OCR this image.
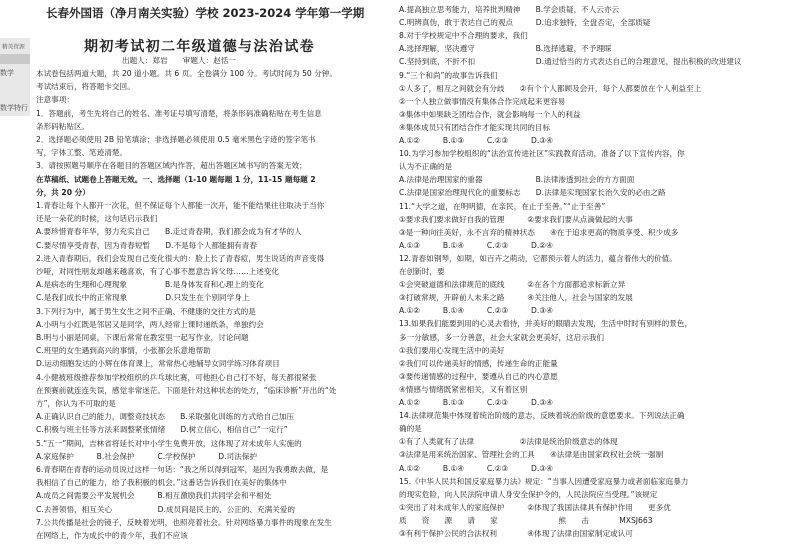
精英资源
数学
数学特行
长春外国语（净月南关实验）学校 2023-2024 学年第一学期
期初考试初二年级道德与法治试卷
出题人：郑岩　　审题人：赵恬一
本试卷包括两道大题，共 20 道小题。共 6 页。全卷满分 100 分。考试时间为 50 分钟。
考试结束后，将答题卡交回。
注意事项：
1．答题前，考生先将自己的姓名、准考证号填写清楚，将条形码准确粘贴在考生信息
条形码粘贴区。
2．选择题必须使用 2B 铅笔填涂；非选择题必须使用 0.5 毫米黑色字迹的签字笔书
写，字体工整、笔迹清楚。
3．请按照题号顺序在各题目的答题区域内作答，超出答题区域书写的答案无效；
在草稿纸、试题卷上答题无效。一、选择题（1-10 题每题 1 分，11-15 题每题 2
分，共 20 分）
1.青春让每个人都开一次花，但不保证每个人都能一次开，能不能结果往往取决于当你
还是一朵花的时候，这句话启示我们
A.要珍惜青春年华，努力充实自己　　B.走过青春期，我们都会成为有才华的人
C.要尽情享受青春，因为青春短暂　　D.不是每个人都能拥有青春
2.进入青春期后，我们会发现自己变化很大的：脸上长了青春痘，男生说话的声音变得
沙哑，对同性朋友却越来越喜欢，有了心事不愿意告诉父母……上述变化
A.是病态的生理和心理现象　　　　　B.是身体发育和心理上的变化
C.是我们成长中的正常现象　　　　　D.只发生在个别同学身上
3.下列行为中，属于男生女生之间不正确、不健康的交往方式的是
A.小明与小红既是邻居又是同学，两人经常上课时递纸条，单独约会
B.明与小丽是同桌，下课后常常在教室里一起写作业，讨论问题
C.班里的女生遇到高兴的事情，小张都会乐意地帮助
D.运动细胞发达的小辉在体育课上，常常热心地辅导女同学练习体育项目
4.小健被班级推荐参加学校组织的乒乓球比赛，可他担心自己打不好，每天都很紧张
在预赛前就连连失误，感觉非常迷茫。下面是针对这种状态的处方，“临床诊断”开出的“处
方”，你认为不可取的是
A.正确认识自己的能力，调整竞技状态　　B.采取强化训练的方式给自己加压
C.积极与班主任等方法来调整紧张情绪　　D.树立信心，相信自己“一定行”
5.“五一”期间，吉林省将延长对中小学生免费开放，这体现了对未成年人实施的
A.家庭保护　　　B.社会保护　　　C.学校保护　　　D.司法保护
6.青春期在青春的运动员说过这样一句话：“我之所以得到冠军，是因为我勇敢去做，是
我相信了自己的能力，给了我积极的机会。”这番话告诉我们在美好的集体中
A.成员之间需要公平发展机会　　　B.相互激励我们共同学会和平相处
C.去善领悟，相互关心　　　　　　D.成员间是民主的、公正的、充满关爱的
7.公共传播是社会的镜子，反映着光明，也照亮着社会。针对网络暴力事件的现象在发生
在网络上，作为成长中的青少年，我们不应该
A.提高独立思考能力，培养批判精神　　B.学会质疑，不人云亦云
C.明辨真伪，敢于表达自己的观点　　　D.追求独特，全盘否定，全部质疑
8.对于学校规定中不合理的要求，我们
A.选择理解，坚决遵守　　　　　　　　B.选择逃避，不予理睬
C.坚持到底，不折不扣　　　　　　　　D.通过恰当的方式表达自己的合理意见，提出积极的改进建议
9.“三个和尚”的故事告诉我们
①人多了，相互之间就会有分歧　　②有个个人都顾及会开，每个人都要放在个人利益至上
②一个人独立做事情没有集体合作完成起来更容易
③集体中如果缺乏团结合作，就会影响每一个人的利益
④集体成员只有团结合作才能实现共同的目标
A.①②　　　B.①③　　　C.②③　　　D.③④
10.为学习参加学校组织的“法治宣传进社区”实践教育活动，准备了以下宣传内容，你
认为不正确的是
A.法律是治理国家的重器　　　　　　　B.法律渗透到社会的方方面面
C.法律是国家治理现代化的重要标志　　D.法律是实现国家长治久安的必由之路
11.“大学之道，在明明德，在亲民，在止于至善。”“止于至善”
①要求我们要求做好自我的管理　　　②要求我们要从点滴做起的大事
③是一种向往美好，永不言弃的精神状态　　④在于追求更高的物质享受、积少成多
A.①③　　　B.①④　　　C.②③　　　D.②④
12.青春如钢琴，如期，如百卉之萌动，它都预示着人的活力，蕴含着伟大的价值。
在创新时，要
①会突破道德和法律规范的底线　　　②在各个方面都追求标新立异
③打破常规，开辟前人未来之路　　　④关注他人，社会与国家的发展
A.①②　　　B.①④　　　C.②③　　　D.③④
13.如果我们能要到用的心灵去看待，并美好的眼睛去发现，生活中时时有别样的景色，
多一分敏感，多一分善意，社会大家就会更美好，这启示我们
①我们要用心发现生活中的美好
②我们可以传递美好的情感，传递生命的正能量
③要传递情感的过程中，要遵从自己的内心意愿
④情感与情绪既紧密相关，又有着区别
A.①②　　　B.①③　　　C.②③　　　D.③④
14.法律规范集中体现着统治阶级的意志，反映着统治阶级的意愿要求。下列说法正确
确的是
①有了人类就有了法律　　　　　　②法律是统治阶级意志的体现
③法律是用来统治国家、管理社会的工具　　④法律是由国家政权社会统一强制
A.①②　　　B.①④　　　C.②③　　　D.③④
15.《中华人民共和国反家庭暴力法》规定：“当事人因遭受家庭暴力或者面临家庭暴力
的现实危险，向人民法院申请人身安全保护令的，人民法院应当受理。”该规定
①突出了对未成年人的家庭保护　　　②体现了我国法律具有保护作用　　更多优
质　　资　　源　　请　　家　　　　　　　　熊　　击　　　　MXSJ663
③有利于保护公民的合法权利　　　　④体现了法律由国家制定或认可
